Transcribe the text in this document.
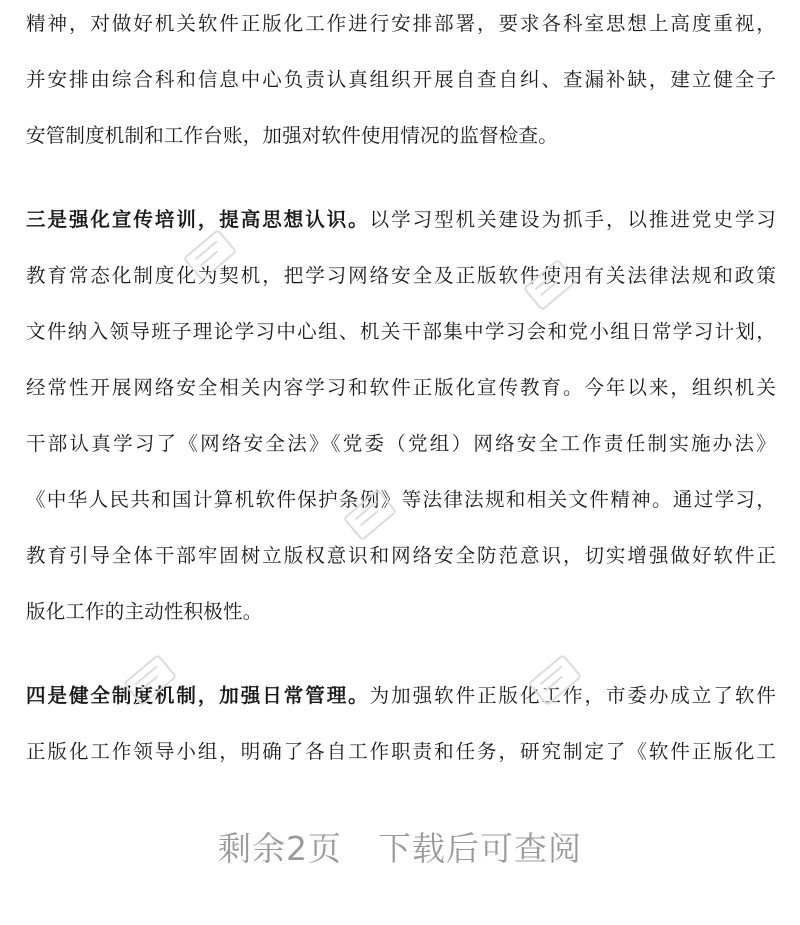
精神，对做好机关软件正版化工作进行安排部署，要求各科室思想上高度重视，
并安排由综合科和信息中心负责认真组织开展自查自纠、查漏补缺，建立健全子
安管制度机制和工作台账，加强对软件使用情况的监督检查。
三是强化宣传培训，提高思想认识。以学习型机关建设为抓手，以推进党史学习
教育常态化制度化为契机，把学习网络安全及正版软件使用有关法律法规和政策
文件纳入领导班子理论学习中心组、机关干部集中学习会和党小组日常学习计划，
经常性开展网络安全相关内容学习和软件正版化宣传教育。今年以来，组织机关
干部认真学习了《网络安全法》《党委（党组）网络安全工作责任制实施办法》
《中华人民共和国计算机软件保护条例》等法律法规和相关文件精神。通过学习，
教育引导全体干部牢固树立版权意识和网络安全防范意识，切实增强做好软件正
版化工作的主动性积极性。
四是健全制度机制，加强日常管理。为加强软件正版化工作，市委办成立了软件
正版化工作领导小组，明确了各自工作职责和任务，研究制定了《软件正版化工
剩余2页 下载后可查阅
